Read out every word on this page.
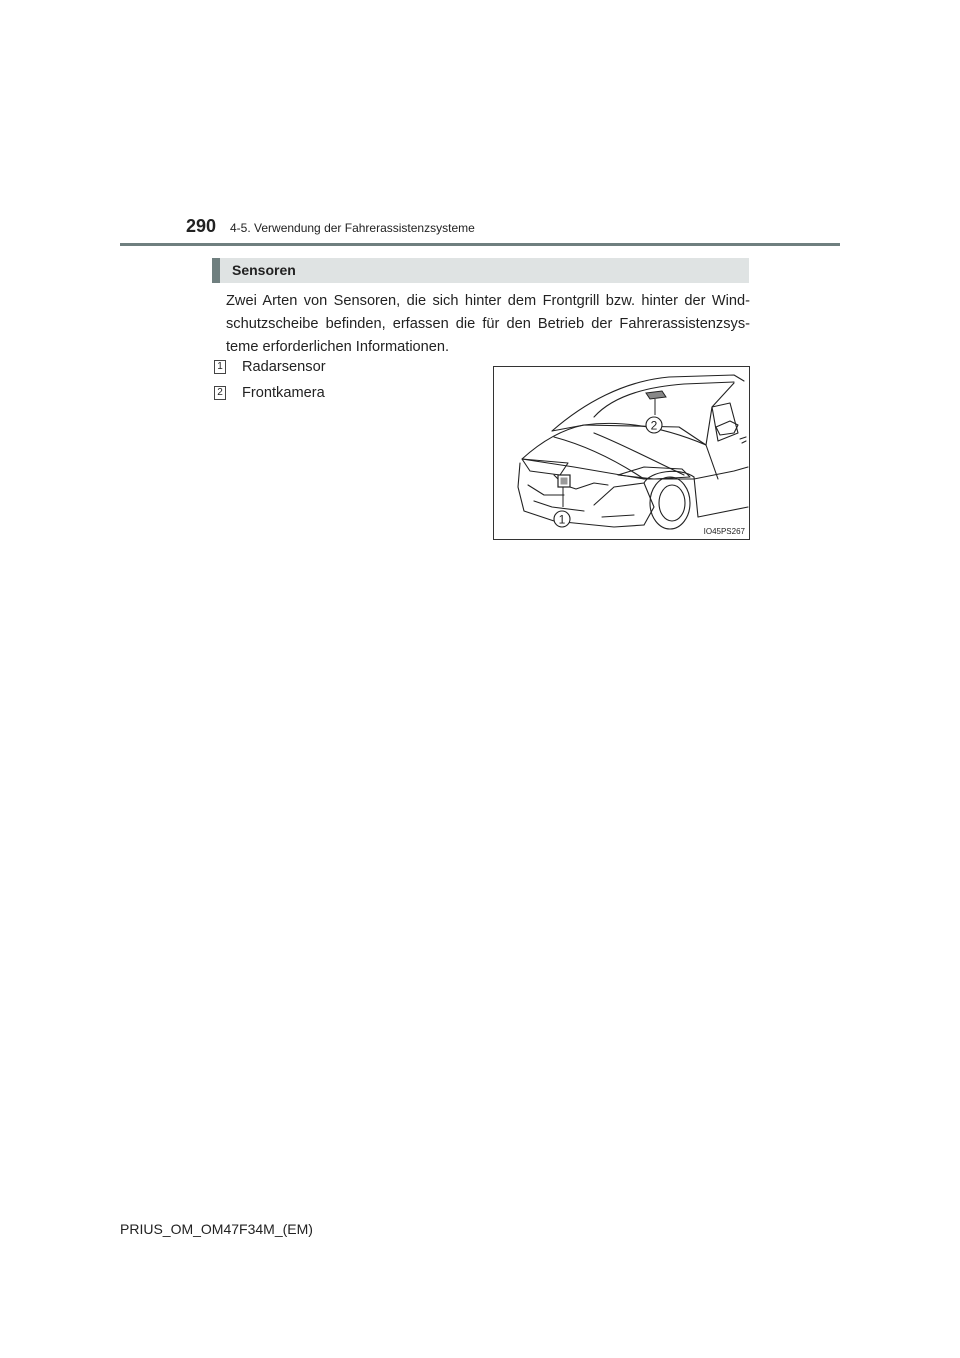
290 4-5. Verwendung der Fahrerassistenzsysteme
Sensoren
Zwei Arten von Sensoren, die sich hinter dem Frontgrill bzw. hinter der Windschutzscheibe befinden, erfassen die für den Betrieb der Fahrerassistenzsysteme erforderlichen Informationen.
1 Radarsensor
2 Frontkamera
1
2
IO45PS267
PRIUS_OM_OM47F34M_(EM)
